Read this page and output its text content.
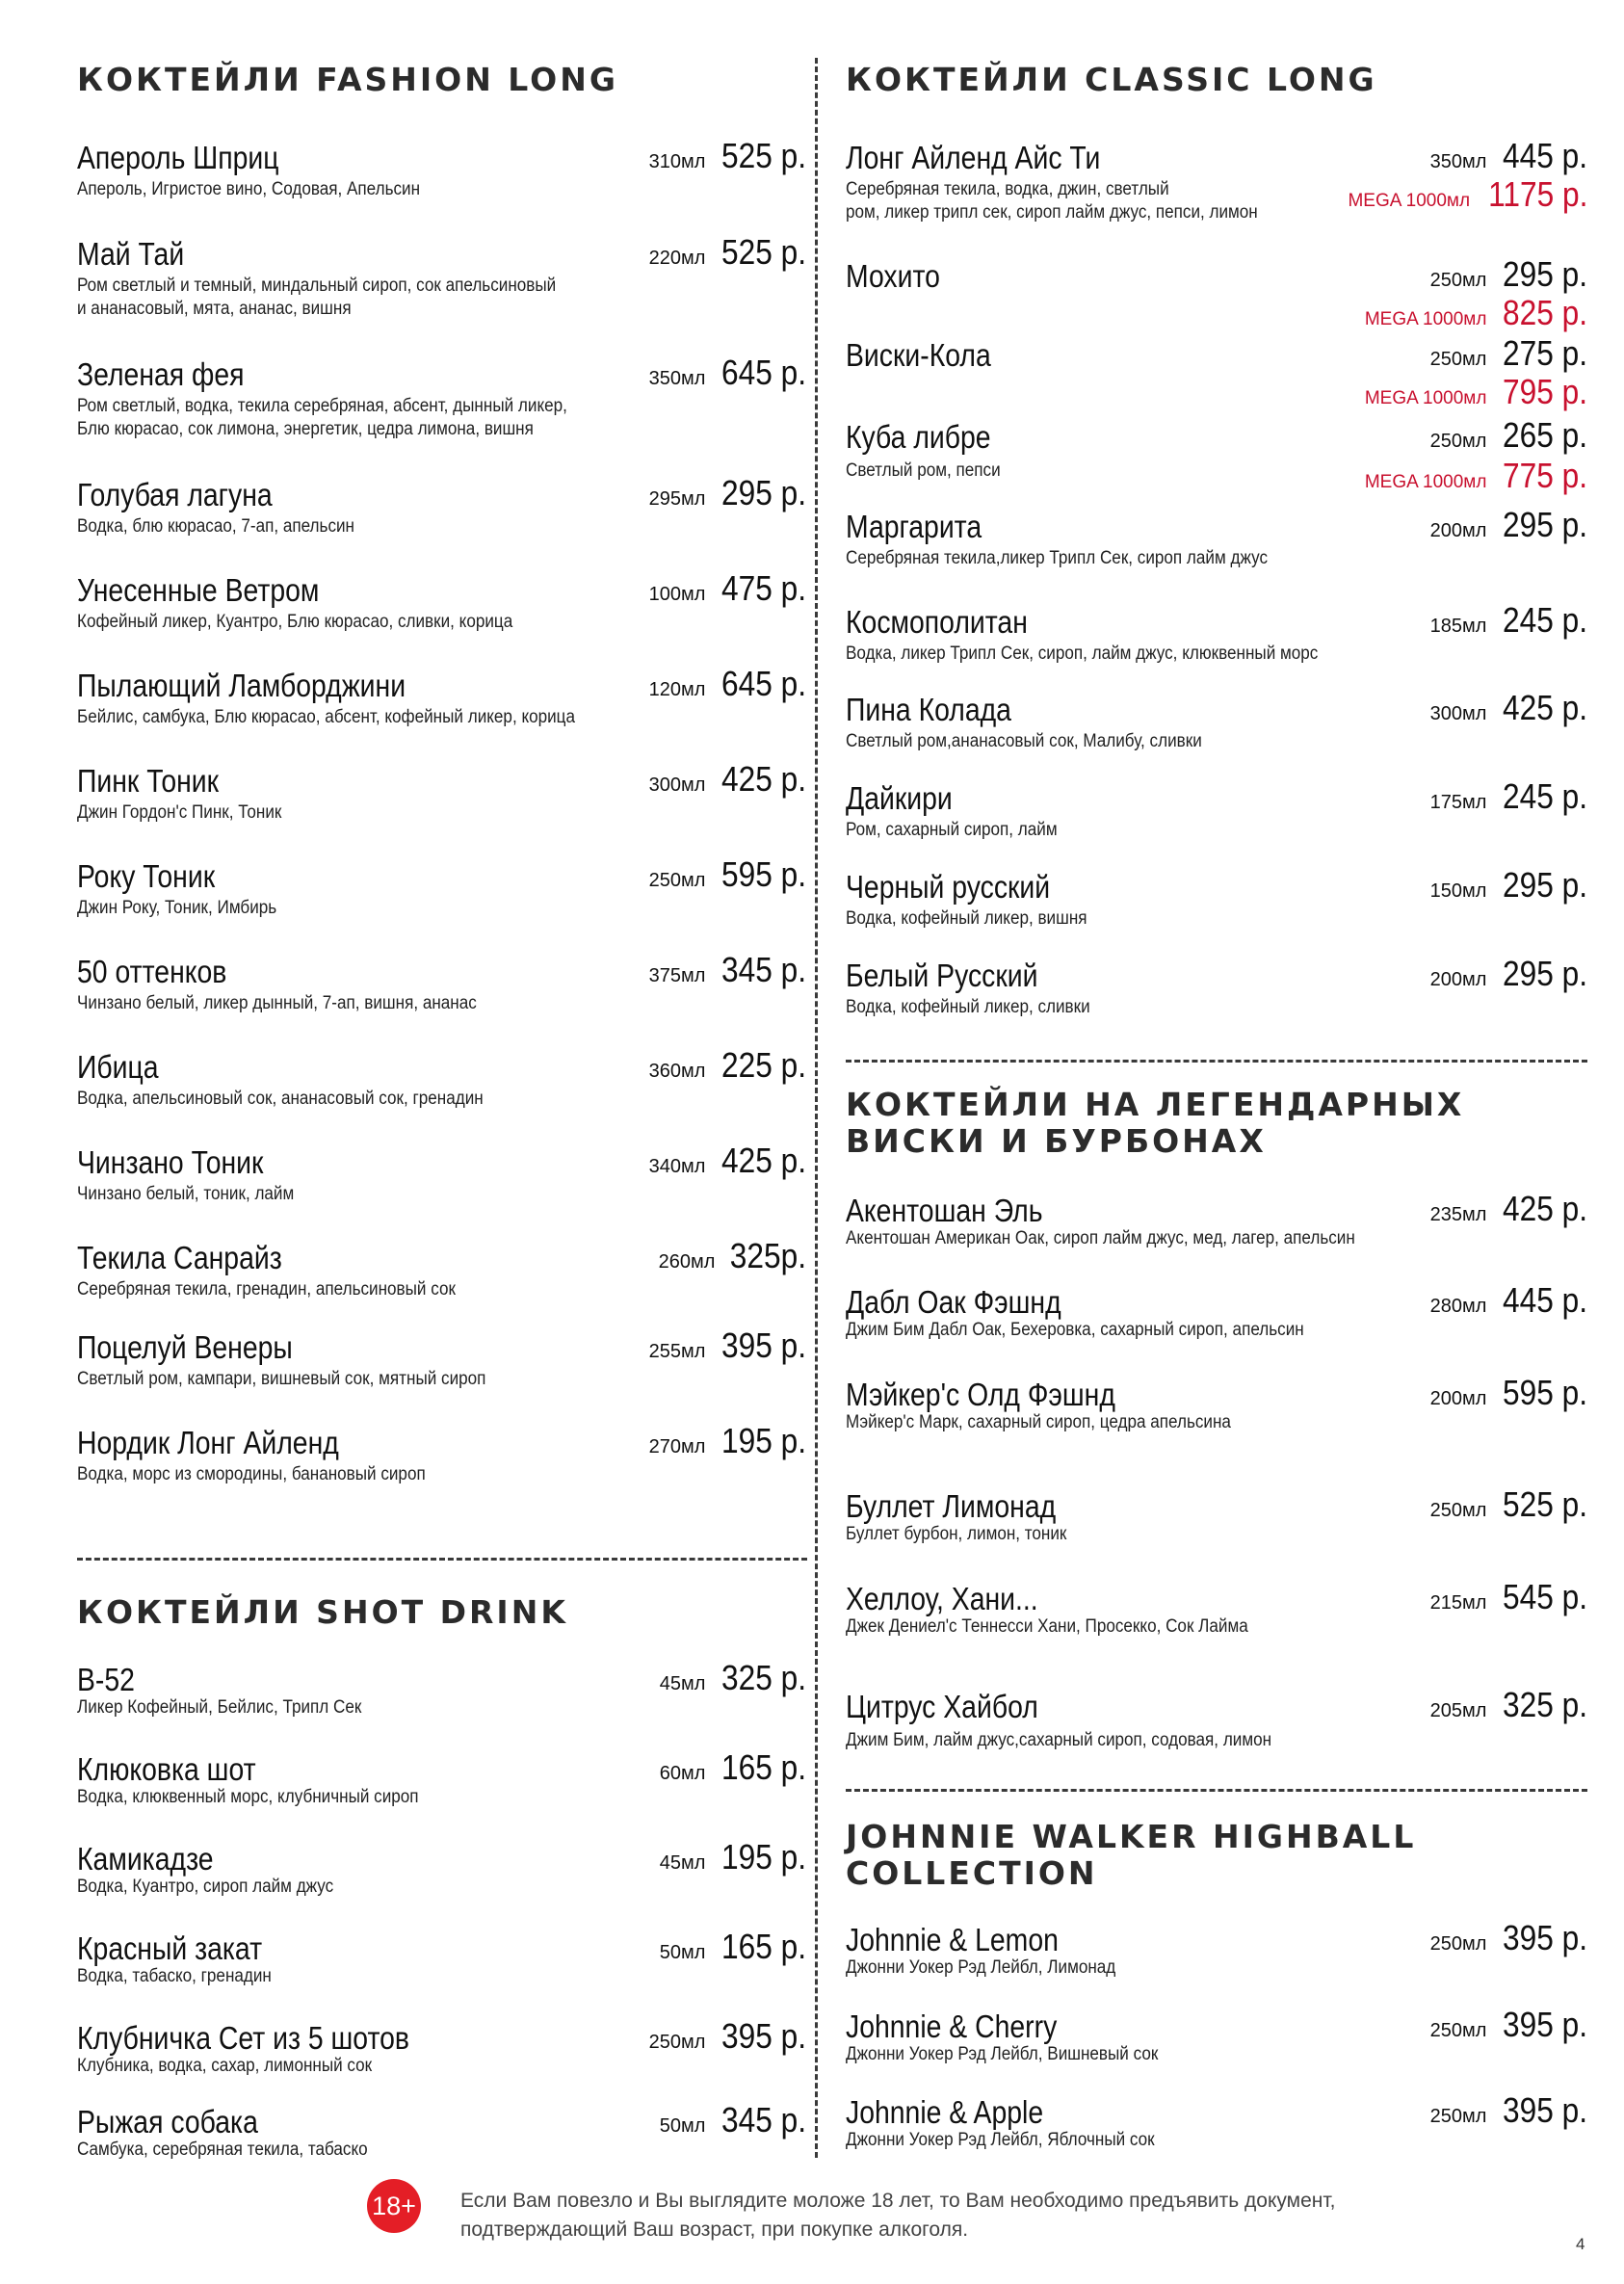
КОКТЕЙЛИ FASHION LONG
Апероль Шприц	310мл 525 р.
Апероль, Игристое вино, Содовая, Апельсин
Май Тай	220мл 525 р.
Ром светлый и темный, миндальный сироп, сок апельсиновый
и ананасовый, мята, ананас, вишня
Зеленая фея	350мл 645 р.
Ром светлый, водка, текила серебряная, абсент, дынный ликер,
Блю кюрасао, сок лимона, энергетик, цедра лимона, вишня
Голубая лагуна	295мл 295 р.
Водка, блю кюрасао, 7-ап, апельсин
Унесенные Ветром	100мл 475 р.
Кофейный ликер, Куантро, Блю кюрасао, сливки, корица
Пылающий Ламборджини	120мл 645 р.
Бейлис, самбука, Блю кюрасао, абсент, кофейный ликер, корица
Пинк Тоник	300мл 425 р.
Джин Гордон'с Пинк, Тоник
Року Тоник	250мл 595 р.
Джин Року, Тоник, Имбирь
50 оттенков	375мл 345 р.
Чинзано белый, ликер дынный, 7-ап, вишня, ананас
Ибица	360мл 225 р.
Водка, апельсиновый сок, ананасовый сок, гренадин
Чинзано Тоник	340мл 425 р.
Чинзано белый, тоник, лайм
Текила Санрайз	260мл 325р.
Серебряная текила, гренадин, апельсиновый сок
Поцелуй Венеры	255мл 395 р.
Светлый ром, кампари, вишневый сок, мятный сироп
Нордик Лонг Айленд	270мл 195 р.
Водка, морс из смородины, банановый сироп
КОКТЕЙЛИ SHOT DRINK
B-52	45мл 325 р.
Ликер Кофейный, Бейлис, Трипл Сек
Клюковка шот	60мл 165 р.
Водка, клюквенный морс, клубничный сироп
Камикадзе	45мл 195 р.
Водка, Куантро, сироп лайм джус
Красный закат	50мл 165 р.
Водка, табаско, гренадин
Клубничка Сет из 5 шотов	250мл 395 р.
Клубника, водка, сахар, лимонный сок
Рыжая собака	50мл 345 р.
Самбука, серебряная текила, табаско
КОКТЕЙЛИ CLASSIC LONG
Лонг Айленд Айс Ти	350мл 445 р.
MEGA 1000мл 1175 р.
Серебряная текила, водка, джин, светлый
ром, ликер трипл сек, сироп лайм джус, пепси, лимон
Мохито	250мл 295 р.
MEGA 1000мл 825 р.
Виски-Кола	250мл 275 р.
MEGA 1000мл 795 р.
Куба либре	250мл 265 р.
MEGA 1000мл 775 р.
Светлый ром, пепси
Маргарита	200мл 295 р.
Серебряная текила,ликер Трипл Сек, сироп лайм джус
Космополитан	185мл 245 р.
Водка, ликер Трипл Сек, сироп, лайм джус, клюквенный морс
Пина Колада	300мл 425 р.
Светлый ром,ананасовый сок, Малибу, сливки
Дайкири	175мл 245 р.
Ром, сахарный сироп, лайм
Черный русский	150мл 295 р.
Водка, кофейный ликер, вишня
Белый Русский	200мл 295 р.
Водка, кофейный ликер, сливки
КОКТЕЙЛИ НА ЛЕГЕНДАРНЫХ
ВИСКИ И БУРБОНАХ
Акентошан Эль	235мл 425 р.
Акентошан Американ Оак, сироп лайм джус, мед, лагер, апельсин
Дабл Оак Фэшнд	280мл 445 р.
Джим Бим Дабл Оак, Бехеровка, сахарный сироп, апельсин
Мэйкер'с Олд Фэшнд	200мл 595 р.
Мэйкер'с Марк, сахарный сироп, цедра апельсина
Буллет Лимонад	250мл 525 р.
Буллет бурбон, лимон, тоник
Хеллоу, Хани...	215мл 545 р.
Джек Дениел'с Теннесси Хани, Просекко, Сок Лайма
Цитрус Хайбол	205мл 325 р.
Джим Бим, лайм джус,сахарный сироп, содовая, лимон
JOHNNIE WALKER HIGHBALL
COLLECTION
Johnnie & Lemon	250мл 395 р.
Джонни Уокер Рэд Лейбл, Лимонад
Johnnie & Cherry	250мл 395 р.
Джонни Уокер Рэд Лейбл, Вишневый сок
Johnnie & Apple	250мл 395 р.
Джонни Уокер Рэд Лейбл, Яблочный сок
18+ Если Вам повезло и Вы выглядите моложе 18 лет, то Вам необходимо предъявить документ,
подтверждающий Ваш возраст, при покупке алкоголя.
4
